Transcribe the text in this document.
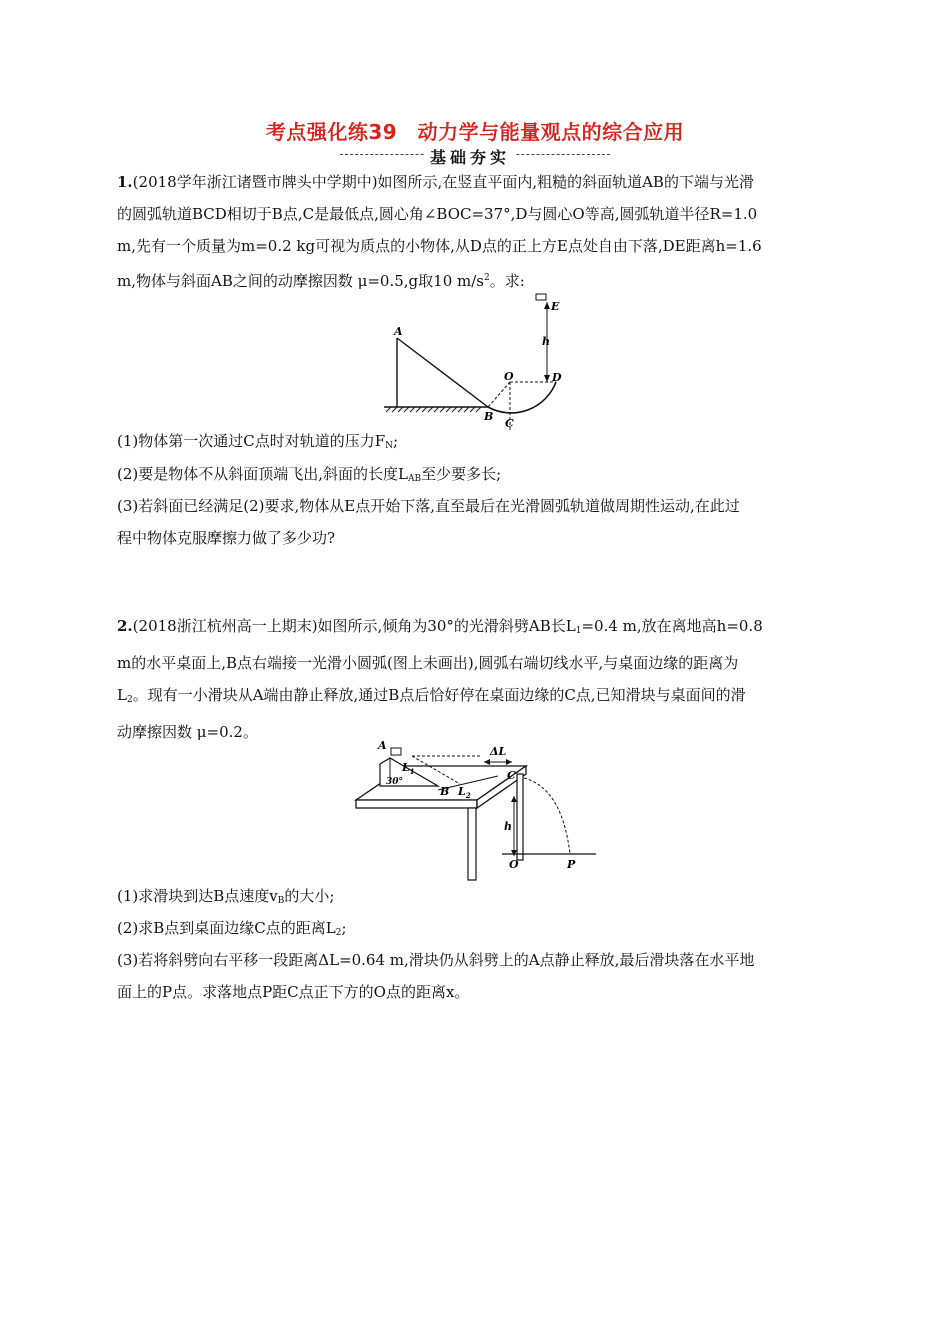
考点强化练39　动力学与能量观点的综合应用
基础夯实
1.(2018学年浙江诸暨市牌头中学期中)如图所示,在竖直平面内,粗糙的斜面轨道AB的下端与光滑
的圆弧轨道BCD相切于B点,C是最低点,圆心角∠BOC=37°,D与圆心O等高,圆弧轨道半径R=1.0
m,先有一个质量为m=0.2 kg可视为质点的小物体,从D点的正上方E点处自由下落,DE距离h=1.6
m,物体与斜面AB之间的动摩擦因数 μ=0.5,g取10 $m/s^2$。求:
A
B
C
O	D
E
h
(1)物体第一次通过C点时对轨道的压力$F_N$;
(2)要是物体不从斜面顶端飞出,斜面的长度$L_{AB}$至少要多长;
(3)若斜面已经满足(2)要求,物体从E点开始下落,直至最后在光滑圆弧轨道做周期性运动,在此过
程中物体克服摩擦力做了多少功?
2.(2018浙江杭州高一上期末)如图所示,倾角为30°的光滑斜劈AB长$L_1=0.4$ m,放在离地高h=0.8
m的水平桌面上,B点右端接一光滑小圆弧(图上未画出),圆弧右端切线水平,与桌面边缘的距离为
$L_2$。现有一小滑块从A端由静止释放,通过B点后恰好停在桌面边缘的C点,已知滑块与桌面间的滑
动摩擦因数 μ=0.2。
A
B
C
O	P
h
$L_1$
$L_2$
ΔL
30°
(1)求滑块到达B点速度$v_B$的大小;
(2)求B点到桌面边缘C点的距离$L_2$;
(3)若将斜劈向右平移一段距离ΔL=0.64 m,滑块仍从斜劈上的A点静止释放,最后滑块落在水平地
面上的P点。求落地点P距C点正下方的O点的距离x。
